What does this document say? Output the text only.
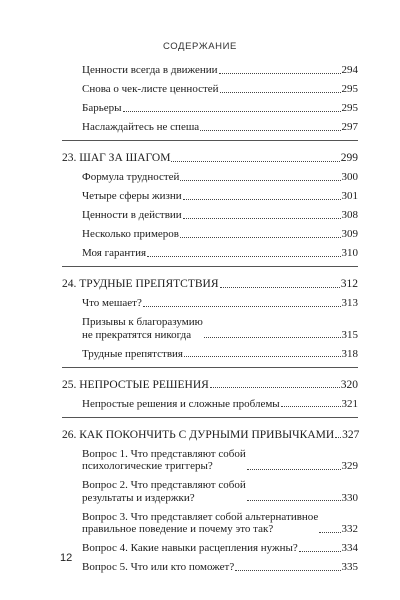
СОДЕРЖАНИЕ
Ценности всегда в движении	294
Снова о чек-листе ценностей	295
Барьеры	295
Наслаждайтесь не спеша	297
23. ШАГ ЗА ШАГОМ	299
Формула трудностей	300
Четыре сферы жизни	301
Ценности в действии	308
Несколько примеров	309
Моя гарантия	310
24. ТРУДНЫЕ ПРЕПЯТСТВИЯ	312
Что мешает?	313
Призывы к благоразумию
не прекратятся никогда	315
Трудные препятствия	318
25. НЕПРОСТЫЕ РЕШЕНИЯ	320
Непростые решения и сложные проблемы	321
26. КАК ПОКОНЧИТЬ С ДУРНЫМИ ПРИВЫЧКАМИ 327
Вопрос 1. Что представляют собой
психологические триггеры?	329
Вопрос 2. Что представляют собой
результаты и издержки?	330
Вопрос 3. Что представляет собой альтернативное
правильное поведение и почему это так?	332
Вопрос 4. Какие навыки расцепления нужны?	334
Вопрос 5. Что или кто поможет?	335
12
